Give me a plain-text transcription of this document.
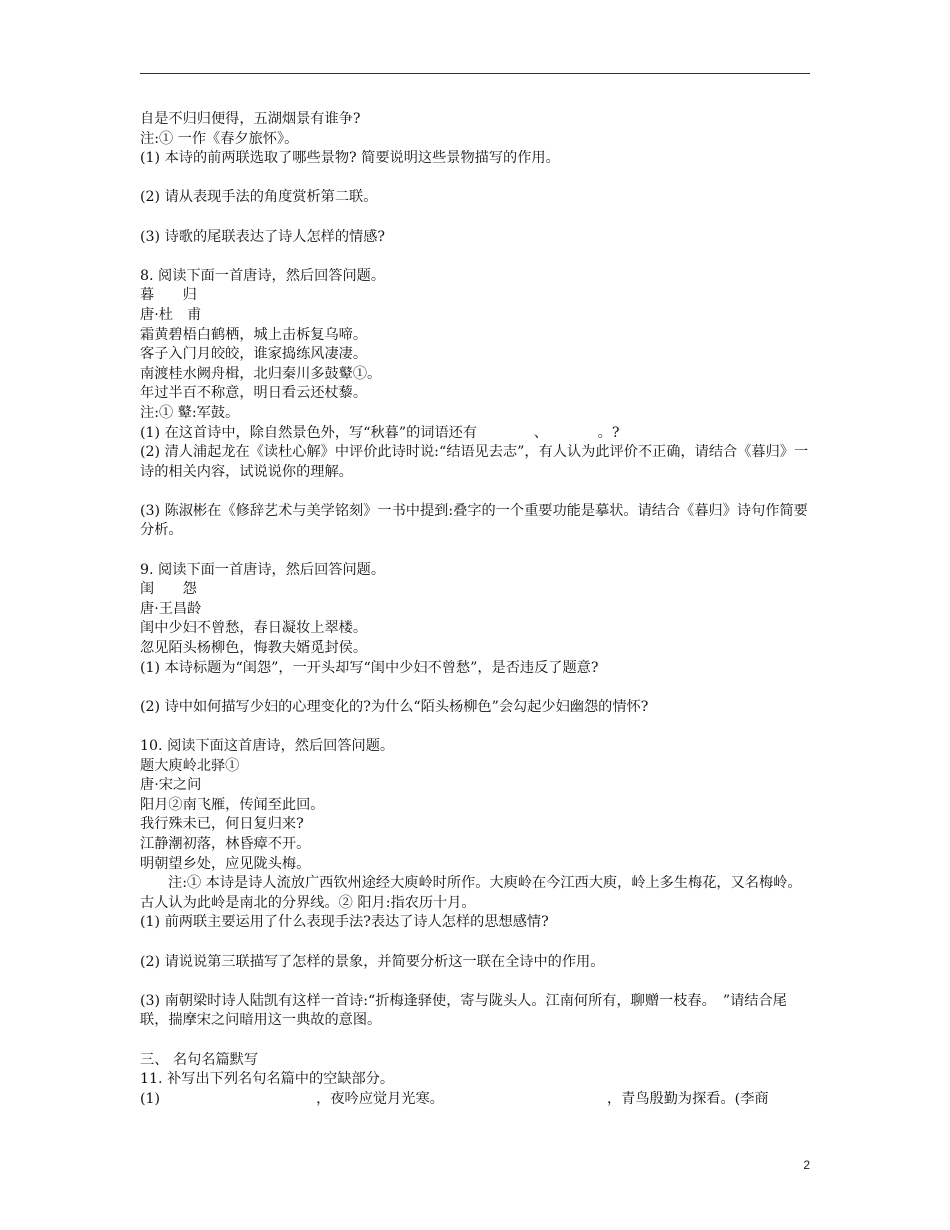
自是不归归便得，五湖烟景有谁争?
注:① 一作《春夕旅怀》。
(1) 本诗的前两联选取了哪些景物? 简要说明这些景物描写的作用。
(2) 请从表现手法的角度赏析第二联。
(3) 诗歌的尾联表达了诗人怎样的情感?
8. 阅读下面一首唐诗，然后回答问题。
暮　　归
唐·杜　甫
霜黄碧梧白鹤栖，城上击柝复乌啼。
客子入门月皎皎，谁家捣练风凄凄。
南渡桂水阙舟楫，北归秦川多鼓鼙①。
年过半百不称意，明日看云还杖藜。
注:① 鼙:军鼓。
(1) 在这首诗中，除自然景色外，写“秋暮”的词语还有　　　　、　　　　。?
(2) 清人浦起龙在《读杜心解》中评价此诗时说:“结语见去志”，有人认为此评价不正确，请结合《暮归》一诗的相关内容，试说说你的理解。
(3) 陈淑彬在《修辞艺术与美学铭刻》一书中提到:叠字的一个重要功能是摹状。请结合《暮归》诗句作简要分析。
9. 阅读下面一首唐诗，然后回答问题。
闺　　怨
唐·王昌龄
闺中少妇不曾愁，春日凝妆上翠楼。
忽见陌头杨柳色，悔教夫婿觅封侯。
(1) 本诗标题为“闺怨”，一开头却写“闺中少妇不曾愁”，是否违反了题意?
(2) 诗中如何描写少妇的心理变化的?为什么“陌头杨柳色”会勾起少妇幽怨的情怀?
10. 阅读下面这首唐诗，然后回答问题。
题大庾岭北驿①
唐·宋之问
阳月②南飞雁，传闻至此回。
我行殊未已，何日复归来?
江静潮初落，林昏瘴不开。
明朝望乡处，应见陇头梅。
注:① 本诗是诗人流放广西钦州途经大庾岭时所作。大庾岭在今江西大庾，岭上多生梅花，又名梅岭。古人认为此岭是南北的分界线。② 阳月:指农历十月。
(1) 前两联主要运用了什么表现手法?表达了诗人怎样的思想感情?
(2) 请说说第三联描写了怎样的景象，并简要分析这一联在全诗中的作用。
(3) 南朝梁时诗人陆凯有这样一首诗:“折梅逢驿使，寄与陇头人。江南何所有，聊赠一枝春。　”请结合尾联，揣摩宋之问暗用这一典故的意图。
三、 名句名篇默写
11. 补写出下列名句名篇中的空缺部分。
(1)　　　　　　　　　　　，夜吟应觉月光寒。　　　　　　　　　　　　，青鸟殷勤为探看。(李商
2
